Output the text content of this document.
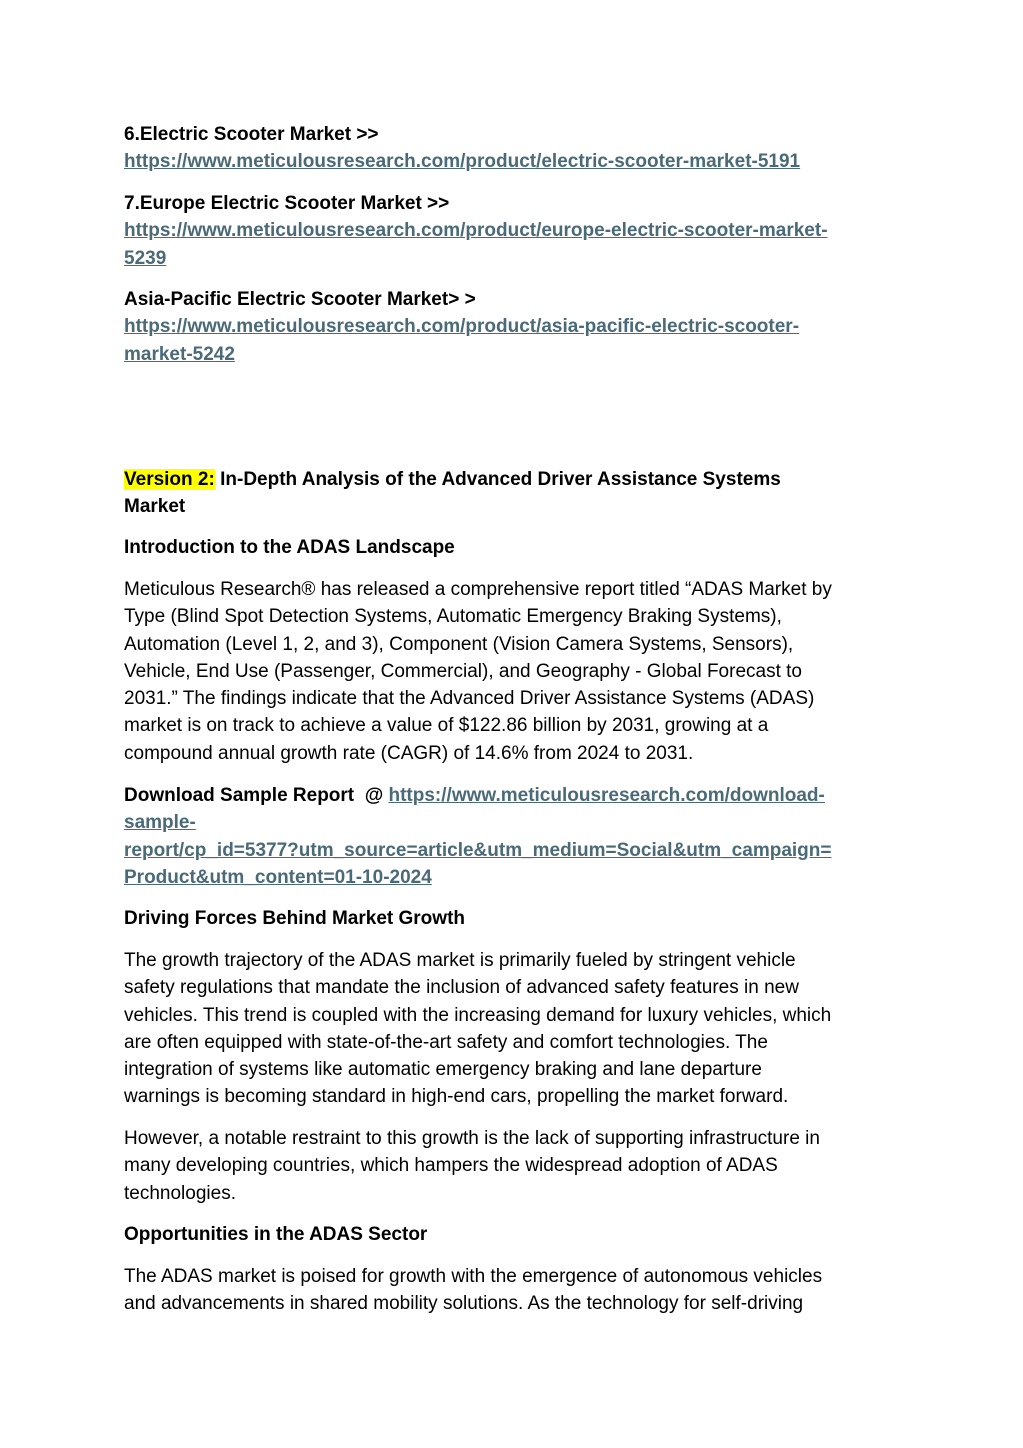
6.Electric Scooter Market >>
https://www.meticulousresearch.com/product/electric-scooter-market-5191
7.Europe Electric Scooter Market >>
https://www.meticulousresearch.com/product/europe-electric-scooter-market-
5239
Asia-Pacific Electric Scooter Market> >
https://www.meticulousresearch.com/product/asia-pacific-electric-scooter-
market-5242
Version 2: In-Depth Analysis of the Advanced Driver Assistance Systems
Market
Introduction to the ADAS Landscape
Meticulous Research® has released a comprehensive report titled “ADAS Market by
Type (Blind Spot Detection Systems, Automatic Emergency Braking Systems),
Automation (Level 1, 2, and 3), Component (Vision Camera Systems, Sensors),
Vehicle, End Use (Passenger, Commercial), and Geography - Global Forecast to
2031.” The findings indicate that the Advanced Driver Assistance Systems (ADAS)
market is on track to achieve a value of $122.86 billion by 2031, growing at a
compound annual growth rate (CAGR) of 14.6% from 2024 to 2031.
Download Sample Report  @ https://www.meticulousresearch.com/download-
sample-
report/cp_id=5377?utm_source=article&utm_medium=Social&utm_campaign=
Product&utm_content=01-10-2024
Driving Forces Behind Market Growth
The growth trajectory of the ADAS market is primarily fueled by stringent vehicle
safety regulations that mandate the inclusion of advanced safety features in new
vehicles. This trend is coupled with the increasing demand for luxury vehicles, which
are often equipped with state-of-the-art safety and comfort technologies. The
integration of systems like automatic emergency braking and lane departure
warnings is becoming standard in high-end cars, propelling the market forward.
However, a notable restraint to this growth is the lack of supporting infrastructure in
many developing countries, which hampers the widespread adoption of ADAS
technologies.
Opportunities in the ADAS Sector
The ADAS market is poised for growth with the emergence of autonomous vehicles
and advancements in shared mobility solutions. As the technology for self-driving
